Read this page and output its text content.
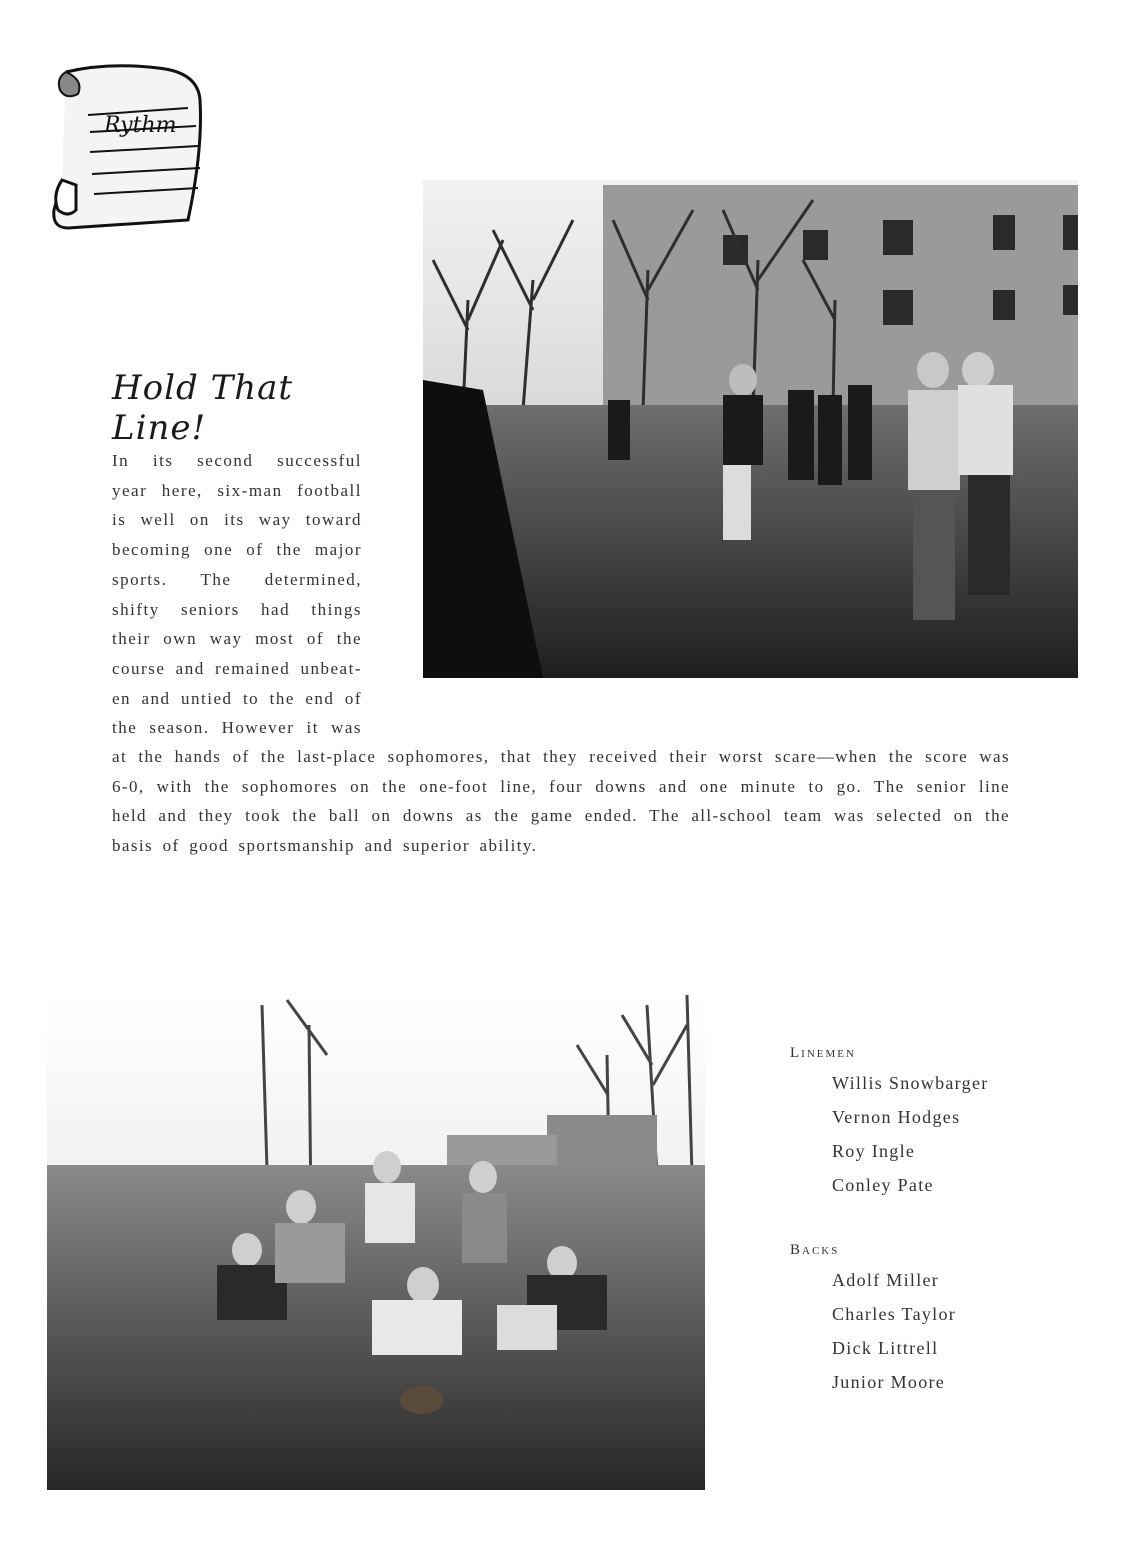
Rythm
Hold That Line!
In its second successful
year here, six-man football
is well on its way toward
becoming one of the major
sports. The determined,
shifty seniors had things
their own way most of the
course and remained unbeat-
en and untied to the end of
the season. However it was
at the hands of the last-place sophomores, that they received their worst scare—when the score was
6-0, with the sophomores on the one-foot line, four downs and one minute to go. The senior line
held and they took the ball on downs as the game ended. The all-school team was selected on the
basis of good sportsmanship and superior ability.
Linemen
Willis Snowbarger
Vernon Hodges
Roy Ingle
Conley Pate
Backs
Adolf Miller
Charles Taylor
Dick Littrell
Junior Moore
